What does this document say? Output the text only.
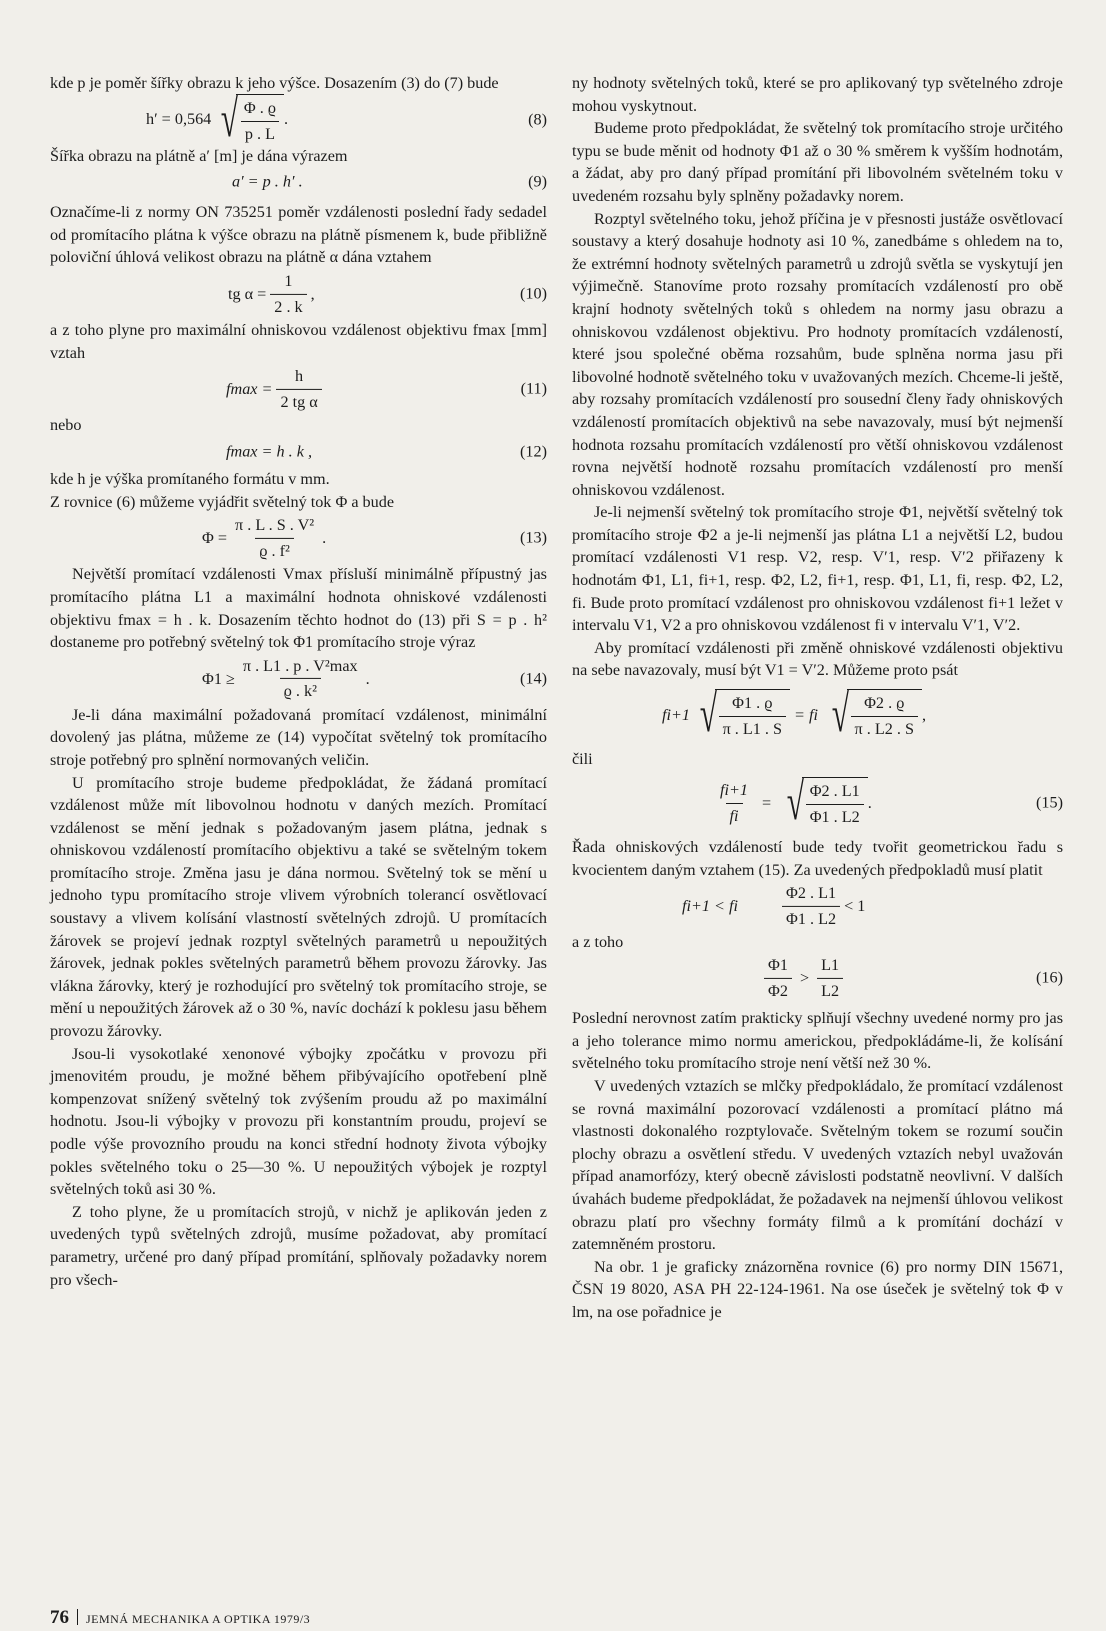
kde p je poměr šířky obrazu k jeho výšce. Dosazením (3) do (7) bude

h′ = 0,564 √ $\frac{\Phi . ϱ}{p . L}$ .	(8)

Šířka obrazu na plátně a′ [m] je dána výrazem

a′ = p . h′ .	(9)

Označíme-li z normy ON 735251 poměr vzdálenosti poslední řady sedadel od promítacího plátna k výšce obrazu na plátně písmenem k, bude přibližně poloviční úhlová velikost obrazu na plátně α dána vztahem

tg $\alpha = \frac{1}{2 . k}$ ,	(10)

a z toho plyne pro maximální ohniskovou vzdálenost objektivu fmax [mm] vztah

$fmax = \frac{h}{\text{2 tg α}}$	(11)
nebo
fmax = h . k ,	(12)

kde h je výška promítaného formátu v mm.

Z rovnice (6) můžeme vyjádřit světelný tok Φ a bude

$\Phi = \frac{\text{π . L . S . V²}}{\text{ϱ . f²}}$ .	(13)

Největší promítací vzdálenosti Vmax přísluší minimálně přípustný jas promítacího plátna L1 a maximální hodnota ohniskové vzdálenosti objektivu fmax = h . k. Dosazením těchto hodnot do (13) při S = p . h² dostaneme pro potřebný světelný tok Φ1 promítacího stroje výraz

$\Phi 1 \ge \frac{\text{π . L1 . p . V²max}}{\text{ϱ . k²}}$ .	(14)

Je-li dána maximální požadovaná promítací vzdálenost, minimální dovolený jas plátna, můžeme ze (14) vypočítat světelný tok promítacího stroje potřebný pro splnění normovaných veličin.

U promítacího stroje budeme předpokládat, že žádaná promítací vzdálenost může mít libovolnou hodnotu v daných mezích. Promítací vzdálenost se mění jednak s požadovaným jasem plátna, jednak s ohniskovou vzdáleností promítacího objektivu a také se světelným tokem promítacího stroje. Změna jasu je dána normou. Světelný tok se mění u jednoho typu promítacího stroje vlivem výrobních tolerancí osvětlovací soustavy a vlivem kolísání vlastností světelných zdrojů. U promítacích žárovek se projeví jednak rozptyl světelných parametrů u nepoužitých žárovek, jednak pokles světelných parametrů během provozu žárovky. Jas vlákna žárovky, který je rozhodující pro světelný tok promítacího stroje, se mění u nepoužitých žárovek až o 30 %, navíc dochází k poklesu jasu během provozu žárovky.

Jsou-li vysokotlaké xenonové výbojky zpočátku v provozu při jmenovitém proudu, je možné během přibývajícího opotřebení plně kompenzovat snížený světelný tok zvýšením proudu až po maximální hodnotu. Jsou-li výbojky v provozu při konstantním proudu, projeví se podle výše provozního proudu na konci střední hodnoty života výbojky pokles světelného toku o 25—30 %. U nepoužitých výbojek je rozptyl světelných toků asi 30 %.

Z toho plyne, že u promítacích strojů, v nichž je aplikován jeden z uvedených typů světelných zdrojů, musíme požadovat, aby promítací parametry, určené pro daný případ promítání, splňovaly požadavky norem pro všech-

ny hodnoty světelných toků, které se pro aplikovaný typ světelného zdroje mohou vyskytnout.

Budeme proto předpokládat, že světelný tok promítacího stroje určitého typu se bude měnit od hodnoty Φ1 až o 30 % směrem k vyšším hodnotám, a žádat, aby pro daný případ promítání při libovolném světelném toku v uvedeném rozsahu byly splněny požadavky norem.

Rozptyl světelného toku, jehož příčina je v přesnosti justáže osvětlovací soustavy a který dosahuje hodnoty asi 10 %, zanedbáme s ohledem na to, že extrémní hodnoty světelných parametrů u zdrojů světla se vyskytují jen výjimečně. Stanovíme proto rozsahy promítacích vzdáleností pro obě krajní hodnoty světelných toků s ohledem na normy jasu obrazu a ohniskovou vzdálenost objektivu. Pro hodnoty promítacích vzdáleností, které jsou společné oběma rozsahům, bude splněna norma jasu při libovolné hodnotě světelného toku v uvažovaných mezích. Chceme-li ještě, aby rozsahy promítacích vzdáleností pro sousední členy řady ohniskových vzdáleností promítacích objektivů na sebe navazovaly, musí být nejmenší hodnota rozsahu promítacích vzdáleností pro větší ohniskovou vzdálenost rovna největší hodnotě rozsahu promítacích vzdáleností pro menší ohniskovou vzdálenost.

Je-li nejmenší světelný tok promítacího stroje Φ1, největší světelný tok promítacího stroje Φ2 a je-li nejmenší jas plátna L1 a největší L2, budou promítací vzdálenosti V1 resp. V2, resp. V′1, resp. V′2 přiřazeny k hodnotám Φ1, L1, fi+1, resp. Φ2, L2, fi+1, resp. Φ1, L1, fi, resp. Φ2, L2, fi. Bude proto promítací vzdálenost pro ohniskovou vzdálenost fi+1 ležet v intervalu V1, V2 a pro ohniskovou vzdálenost fi v intervalu V′1, V′2.

Aby promítací vzdálenosti při změně ohniskové vzdálenosti objektivu na sebe navazovaly, musí být V1 = V′2. Můžeme proto psát

fi+1 √ $\frac{\Phi 1 . ϱ}{\pi . L1 . S}$ = fi √ $\frac{\Phi 2 . ϱ}{\pi . L2 . S}$ ,
čili
$\frac{fi+1}{fi}$ = √ $\frac{\Phi 2 . L1}{\Phi 1 . L2}$ .	(15)

Řada ohniskových vzdáleností bude tedy tvořit geometrickou řadu s kvocientem daným vztahem (15). Za uvedených předpokladů musí platit

fi+1 < fi	$\frac{\Phi 2 . L1}{\Phi 1 . L2} < 1$
a z toho
$\frac{\Phi 1}{\Phi 2} > \frac{L1}{L2}$	(16)

Poslední nerovnost zatím prakticky splňují všechny uvedené normy pro jas a jeho tolerance mimo normu americkou, předpokládáme-li, že kolísání světelného toku promítacího stroje není větší než 30 %.

V uvedených vztazích se mlčky předpokládalo, že promítací vzdálenost se rovná maximální pozorovací vzdálenosti a promítací plátno má vlastnosti dokonalého rozptylovače. Světelným tokem se rozumí součin plochy obrazu a osvětlení středu. V uvedených vztazích nebyl uvažován případ anamorfózy, který obecně závislosti podstatně neovlivní. V dalších úvahách budeme předpokládat, že požadavek na nejmenší úhlovou velikost obrazu platí pro všechny formáty filmů a k promítání dochází v zatemněném prostoru.

Na obr. 1 je graficky znázorněna rovnice (6) pro normy DIN 15671, ČSN 19 8020, ASA PH 22-124-1961. Na ose úseček je světelný tok Φ v lm, na ose pořadnice je

76 JEMNÁ MECHANIKA A OPTIKA 1979/3
